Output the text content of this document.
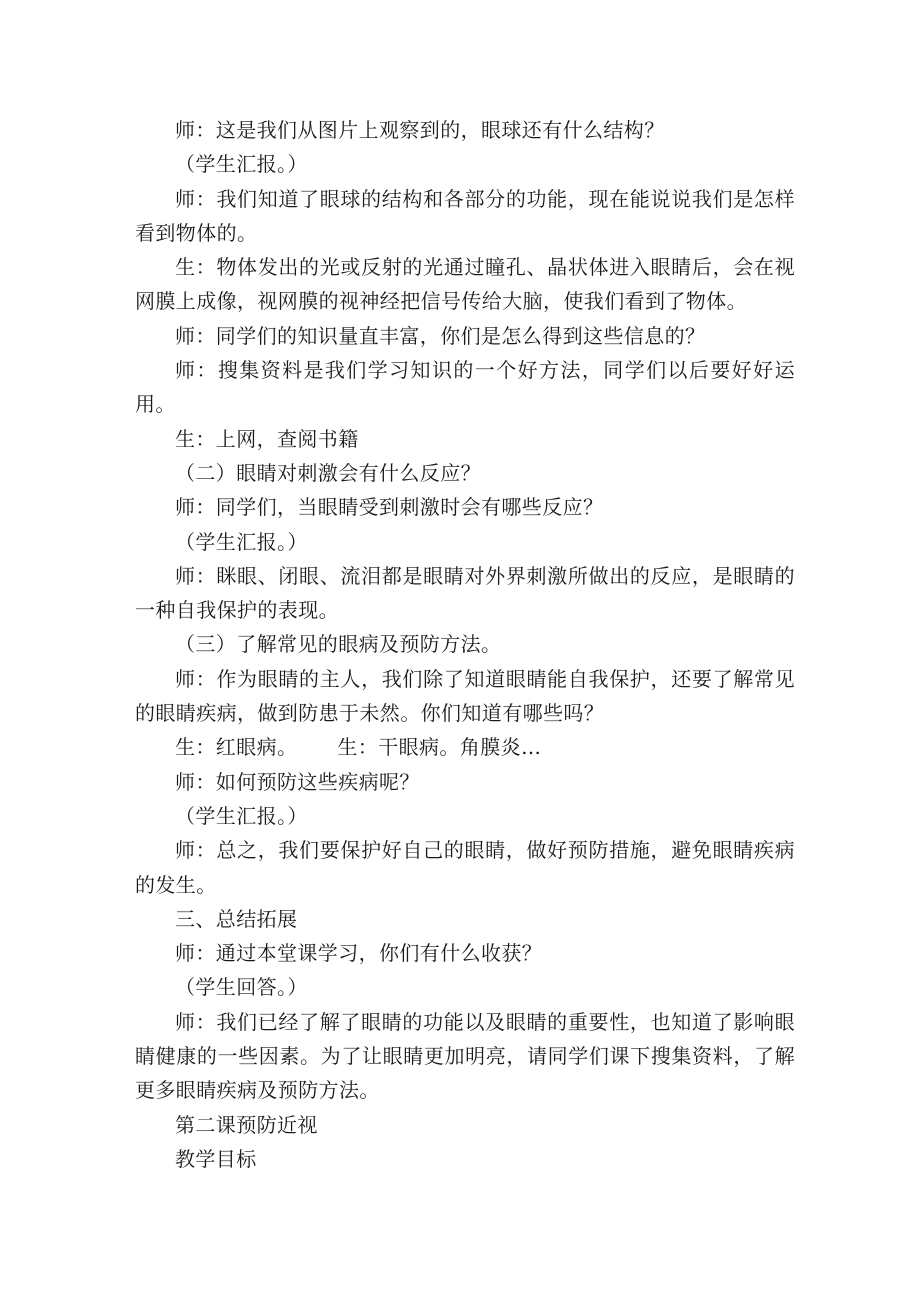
师：这是我们从图片上观察到的，眼球还有什么结构？

（学生汇报。）

师：我们知道了眼球的结构和各部分的功能，现在能说说我们是怎样看到物体的。

生：物体发出的光或反射的光通过瞳孔、晶状体进入眼睛后，会在视网膜上成像，视网膜的视神经把信号传给大脑，使我们看到了物体。

师：同学们的知识量直丰富，你们是怎么得到这些信息的？

师：搜集资料是我们学习知识的一个好方法，同学们以后要好好运用。

生：上网，查阅书籍

（二）眼睛对刺激会有什么反应？

师：同学们，当眼睛受到刺激时会有哪些反应？

（学生汇报。）

师：眯眼、闭眼、流泪都是眼睛对外界刺激所做出的反应，是眼睛的一种自我保护的表现。

（三）了解常见的眼病及预防方法。

师：作为眼睛的主人，我们除了知道眼睛能自我保护，还要了解常见的眼睛疾病，做到防患于未然。你们知道有哪些吗？

生：红眼病。 生：干眼病。角膜炎…

师：如何预防这些疾病呢？

（学生汇报。）

师：总之，我们要保护好自己的眼睛，做好预防措施，避免眼睛疾病的发生。

三、总结拓展

师：通过本堂课学习，你们有什么收获？

（学生回答。）

师：我们已经了解了眼睛的功能以及眼睛的重要性，也知道了影响眼睛健康的一些因素。为了让眼睛更加明亮，请同学们课下搜集资料，了解更多眼睛疾病及预防方法。

第二课预防近视

教学目标
